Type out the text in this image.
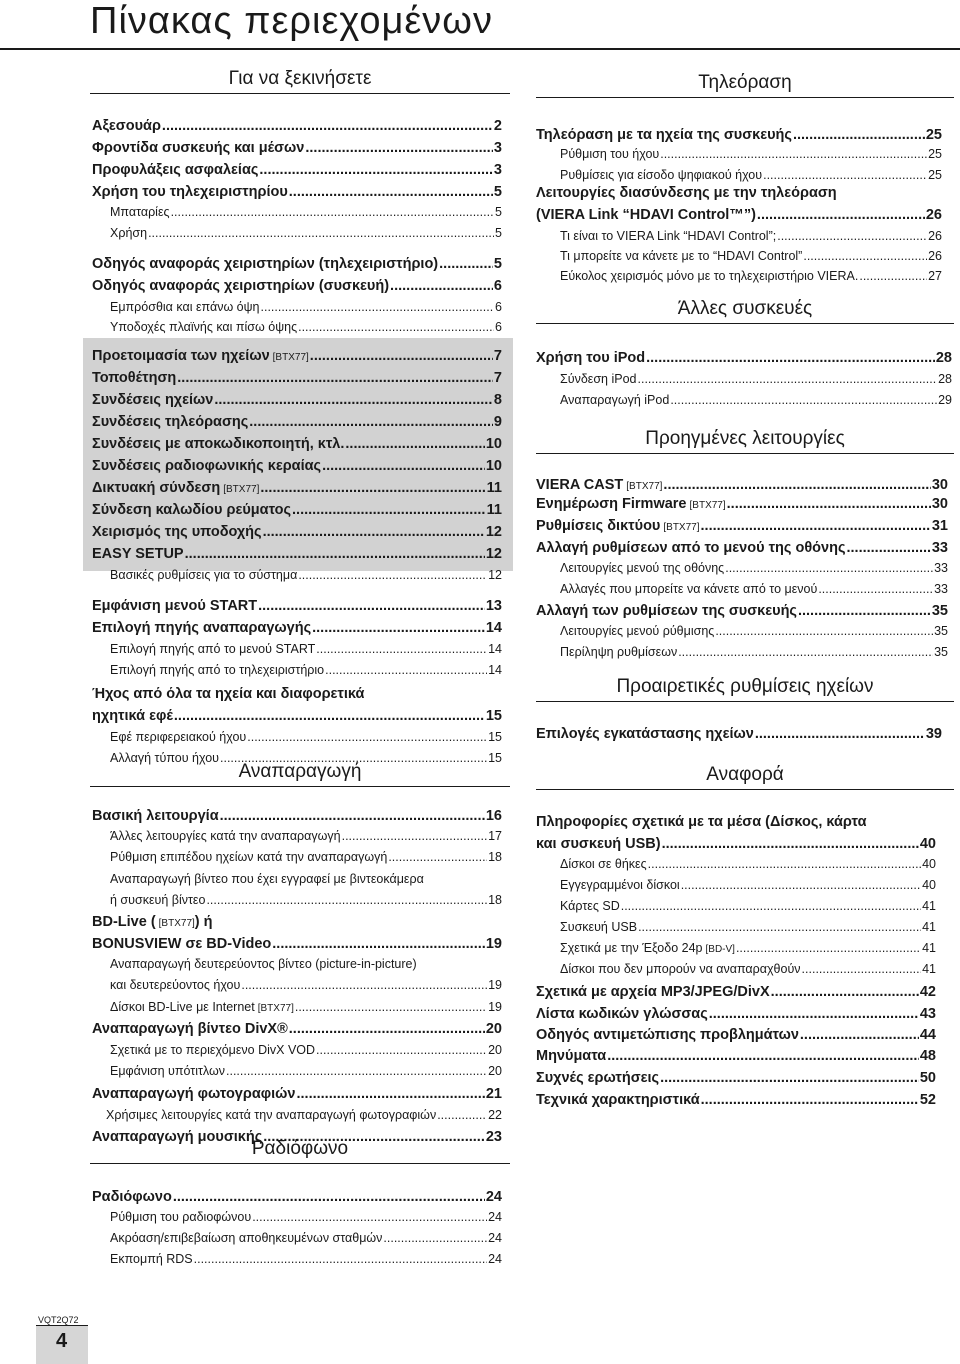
Πίνακας περιεχομένων
Για να ξεκινήσετε
Αναπαραγωγή
Ραδιόφωνο
Τηλεόραση
Άλλες συσκευές
Προηγμένες λειτουργίες
Προαιρετικές ρυθμίσεις ηχείων
Αναφορά
Αξεσουάρ .....	2
Φροντίδα συσκευής και μέσων .....	3
Προφυλάξεις ασφαλείας .....	3
Χρήση του τηλεχειριστηρίου .....	5
Μπαταρίες .....	5
Χρήση .....	5
Οδηγός αναφοράς χειριστηρίων (τηλεχειριστήριο) .....	5
Οδηγός αναφοράς χειριστηρίων (συσκευή) .....	6
Εμπρόσθια και επάνω όψη .....	6
Υποδοχές πλαϊνής και πίσω όψης .....	6
Προετοιμασία των ηχείων [BTX77] .....	7
Τοποθέτηση .....	7
Συνδέσεις ηχείων .....	8
Συνδέσεις τηλεόρασης .....	9
Συνδέσεις με αποκωδικοποιητή, κτλ. .....	10
Συνδέσεις ραδιοφωνικής κεραίας .....	10
Δικτυακή σύνδεση [BTX77] .....	11
Σύνδεση καλωδίου ρεύματος .....	11
Χειρισμός της υποδοχής .....	12
EASY SETUP .....	12
Βασικές ρυθμίσεις για το σύστημα .....	12
Εμφάνιση μενού START .....	13
Επιλογή πηγής αναπαραγωγής .....	14
Επιλογή πηγής από το μενού START .....	14
Επιλογή πηγής από το τηλεχειριστήριο .....	14
Ήχος από όλα τα ηχεία και διαφορετικά
ηχητικά εφέ .....	15
Εφέ περιφερειακού ήχου .....	15
Αλλαγή τύπου ήχου .....	15
Βασική λειτουργία .....	16
Άλλες λειτουργίες κατά την αναπαραγωγή .....	17
Ρύθμιση επιπέδου ηχείων κατά την αναπαραγωγή .....	18
Αναπαραγωγή βίντεο που έχει εγγραφεί με βιντεοκάμερα
ή συσκευή βίντεο .....	18
BD-Live ( [BTX77]) ή
BONUSVIEW σε BD-Video .....	19
Αναπαραγωγή δευτερεύοντος βίντεο (picture-in-picture)
και δευτερεύοντος ήχου .....	19
Δίσκοι BD-Live με Internet [BTX77] .....	19
Αναπαραγωγή βίντεο DivX® .....	20
Σχετικά με το περιεχόμενο DivX VOD .....	20
Εμφάνιση υπότιτλων .....	20
Αναπαραγωγή φωτογραφιών .....	21
Χρήσιμες λειτουργίες κατά την αναπαραγωγή φωτογραφιών .....	22
Αναπαραγωγή μουσικής .....	23
Ραδιόφωνο .....	24
Ρύθμιση του ραδιοφώνου .....	24
Ακρόαση/επιβεβαίωση αποθηκευμένων σταθμών .....	24
Εκπομπή RDS .....	24
Τηλεόραση με τα ηχεία της συσκευής .....	25
Ρύθμιση του ήχου .....	25
Ρυθμίσεις για είσοδο ψηφιακού ήχου .....	25
Λειτουργίες διασύνδεσης με την τηλεόραση
(VIERA Link “HDAVI Control™”) .....	26
Τι είναι το VIERA Link “HDAVI Control”; .....	26
Τι μπορείτε να κάνετε με το “HDAVI Control” .....	26
Εύκολος χειρισμός μόνο με το τηλεχειριστήριο VIERA. .....	27
Χρήση του iPod .....	28
Σύνδεση iPod .....	28
Αναπαραγωγή iPod .....	29
VIERA CAST [BTX77] .....	30
Ενημέρωση Firmware [BTX77] .....	30
Ρυθμίσεις δικτύου [BTX77] .....	31
Αλλαγή ρυθμίσεων από το μενού της οθόνης .....	33
Λειτουργίες μενού της οθόνης .....	33
Αλλαγές που μπορείτε να κάνετε από το μενού .....	33
Αλλαγή των ρυθμίσεων της συσκευής .....	35
Λειτουργίες μενού ρύθμισης .....	35
Περίληψη ρυθμίσεων .....	35
Επιλογές εγκατάστασης ηχείων .....	39
Πληροφορίες σχετικά με τα μέσα (Δίσκος, κάρτα
και συσκευή USB) .....	40
Δίσκοι σε θήκες .....	40
Εγγεγραμμένοι δίσκοι .....	40
Κάρτες SD .....	41
Συσκευή USB .....	41
Σχετικά με την Έξοδο 24p [BD-V] .....	41
Δίσκοι που δεν μπορούν να αναπαραχθούν .....	41
Σχετικά με αρχεία MP3/JPEG/DivX .....	42
Λίστα κωδικών γλώσσας .....	43
Οδηγός αντιμετώπισης προβλημάτων .....	44
Μηνύματα .....	48
Συχνές ερωτήσεις .....	50
Τεχνικά χαρακτηριστικά .....	52
VQT2Q72
4
